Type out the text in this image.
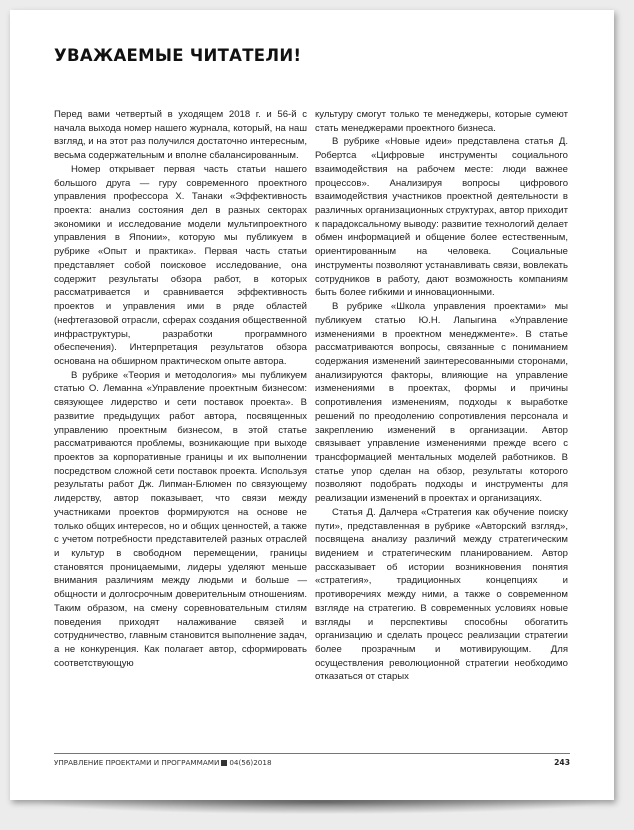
УВАЖАЕМЫЕ ЧИТАТЕЛИ!

Перед вами четвертый в уходящем 2018 г. и 56-й с начала выхода номер нашего журнала, который, на наш взгляд, и на этот раз получился достаточно интересным, весьма содержательным и вполне сбалансированным.

Номер открывает первая часть статьи нашего большого друга — гуру современного проектного управления профессора Х. Танаки «Эффективность проекта: анализ состояния дел в разных секторах экономики и исследование модели мультипроектного управления в Японии», которую мы публикуем в рубрике «Опыт и практика». Первая часть статьи представляет собой поисковое исследование, она содержит результаты обзора работ, в которых рассматривается и сравнивается эффективность проектов и управления ими в ряде областей (нефтегазовой отрасли, сферах создания общественной инфраструктуры, разработки программного обеспечения). Интерпретация результатов обзора основана на обширном практическом опыте автора.

В рубрике «Теория и методология» мы публикуем статью О. Леманна «Управление проектным бизнесом: связующее лидерство и сети поставок проекта». В развитие предыдущих работ автора, посвященных управлению проектным бизнесом, в этой статье рассматриваются проблемы, возникающие при выходе проектов за корпоративные границы и их выполнении посредством сложной сети поставок проекта. Используя результаты работ Дж. Липман-Блюмен по связующему лидерству, автор показывает, что связи между участниками проектов формируются на основе не только общих интересов, но и общих ценностей, а также с учетом потребности представителей разных отраслей и культур в свободном перемещении, границы становятся проницаемыми, лидеры уделяют меньше внимания различиям между людьми и больше — общности и долгосрочным доверительным отношениям. Таким образом, на смену соревновательным стилям поведения приходят налаживание связей и сотрудничество, главным становится выполнение задач, а не конкуренция. Как полагает автор, сформировать соответствующую

культуру смогут только те менеджеры, которые сумеют стать менеджерами проектного бизнеса.

В рубрике «Новые идеи» представлена статья Д. Робертса «Цифровые инструменты социального взаимодействия на рабочем месте: люди важнее процессов». Анализируя вопросы цифрового взаимодействия участников проектной деятельности в различных организационных структурах, автор приходит к парадоксальному выводу: развитие технологий делает обмен информацией и общение более естественным, ориентированным на человека. Социальные инструменты позволяют устанавливать связи, вовлекать сотрудников в работу, дают возможность компаниям быть более гибкими и инновационными.

В рубрике «Школа управления проектами» мы публикуем статью Ю.Н. Лапыгина «Управление изменениями в проектном менеджменте». В статье рассматриваются вопросы, связанные с пониманием содержания изменений заинтересованными сторонами, анализируются факторы, влияющие на управление изменениями в проектах, формы и причины сопротивления изменениям, подходы к выработке решений по преодолению сопротивления персонала и закреплению изменений в организации. Автор связывает управление изменениями прежде всего с трансформацией ментальных моделей работников. В статье упор сделан на обзор, результаты которого позволяют подобрать подходы и инструменты для реализации изменений в проектах и организациях.

Статья Д. Далчера «Стратегия как обучение поиску пути», представленная в рубрике «Авторский взгляд», посвящена анализу различий между стратегическим видением и стратегическим планированием. Автор рассказывает об истории возникновения понятия «стратегия», традиционных концепциях и противоречиях между ними, а также о современном взгляде на стратегию. В современных условиях новые взгляды и перспективы способны обогатить организацию и сделать процесс реализации стратегии более прозрачным и мотивирующим. Для осуществления революционной стратегии необходимо отказаться от старых

УПРАВЛЕНИЕ ПРОЕКТАМИ И ПРОГРАММАМИ 04(56)2018	243
